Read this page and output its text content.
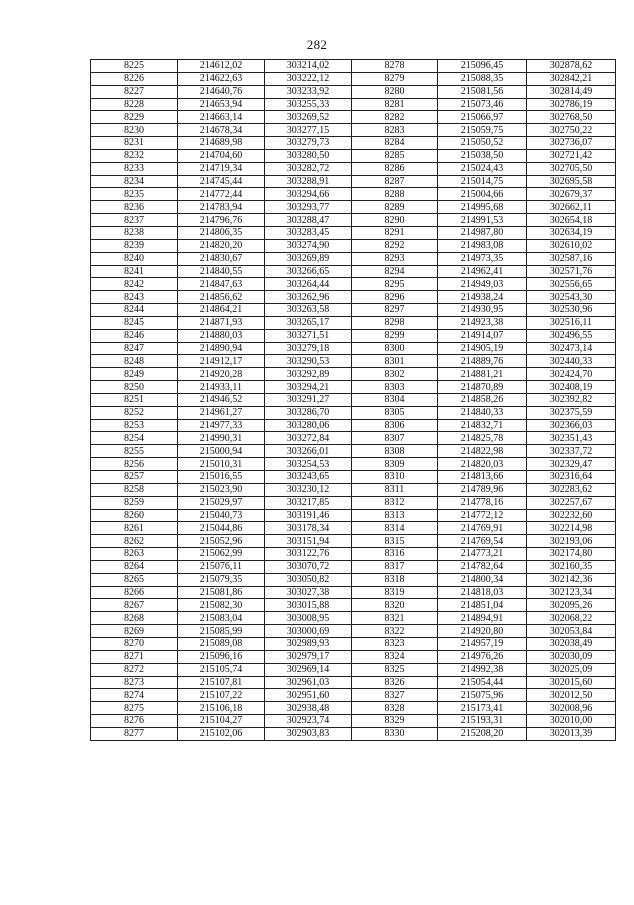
282
8225	214612,02	303214,02	8278	215096,45	302878,62
8226	214622,63	303222,12	8279	215088,35	302842,21
8227	214640,76	303233,92	8280	215081,56	302814,49
8228	214653,94	303255,33	8281	215073,46	302786,19
8229	214663,14	303269,52	8282	215066,97	302768,50
8230	214678,34	303277,15	8283	215059,75	302750,22
8231	214689,98	303279,73	8284	215050,52	302736,07
8232	214704,60	303280,50	8285	215038,50	302721,42
8233	214719,34	303282,72	8286	215024,43	302705,50
8234	214745,44	303288,91	8287	215014,75	302695,58
8235	214772,44	303294,66	8288	215004,66	302679,37
8236	214783,94	303293,77	8289	214995,68	302662,11
8237	214796,76	303288,47	8290	214991,53	302654,18
8238	214806,35	303283,45	8291	214987,80	302634,19
8239	214820,20	303274,90	8292	214983,08	302610,02
8240	214830,67	303269,89	8293	214973,35	302587,16
8241	214840,55	303266,65	8294	214962,41	302571,76
8242	214847,63	303264,44	8295	214949,03	302556,65
8243	214856,62	303262,96	8296	214938,24	302543,30
8244	214864,21	303263,58	8297	214930,95	302530,96
8245	214871,93	303265,17	8298	214923,38	302516,11
8246	214880,03	303271,51	8299	214914,07	302496,55
8247	214890,94	303279,18	8300	214905,19	302473,14
8248	214912,17	303290,53	8301	214889,76	302440,33
8249	214920,28	303292,89	8302	214881,21	302424,70
8250	214933,11	303294,21	8303	214870,89	302408,19
8251	214946,52	303291,27	8304	214858,26	302392,82
8252	214961,27	303286,70	8305	214840,33	302375,59
8253	214977,33	303280,06	8306	214832,71	302366,03
8254	214990,31	303272,84	8307	214825,78	302351,43
8255	215000,94	303266,01	8308	214822,98	302337,72
8256	215010,31	303254,53	8309	214820,03	302329,47
8257	215016,55	303243,65	8310	214813,66	302316,64
8258	215023,90	303230,12	8311	214789,96	302283,62
8259	215029,97	303217,85	8312	214778,16	302257,67
8260	215040,73	303191,46	8313	214772,12	302232,60
8261	215044,86	303178,34	8314	214769,91	302214,98
8262	215052,96	303151,94	8315	214769,54	302193,06
8263	215062,99	303122,76	8316	214773,21	302174,80
8264	215076,11	303070,72	8317	214782,64	302160,35
8265	215079,35	303050,82	8318	214800,34	302142,36
8266	215081,86	303027,38	8319	214818,03	302123,34
8267	215082,30	303015,88	8320	214851,04	302095,26
8268	215083,04	303008,95	8321	214894,91	302068,22
8269	215085,99	303000,69	8322	214920,80	302053,84
8270	215089,08	302989,93	8323	214957,19	302038,49
8271	215096,16	302979,17	8324	214976,26	302030,09
8272	215105,74	302969,14	8325	214992,38	302025,09
8273	215107,81	302961,03	8326	215054,44	302015,60
8274	215107,22	302951,60	8327	215075,96	302012,50
8275	215106,18	302938,48	8328	215173,41	302008,96
8276	215104,27	302923,74	8329	215193,31	302010,00
8277	215102,06	302903,83	8330	215208,20	302013,39
